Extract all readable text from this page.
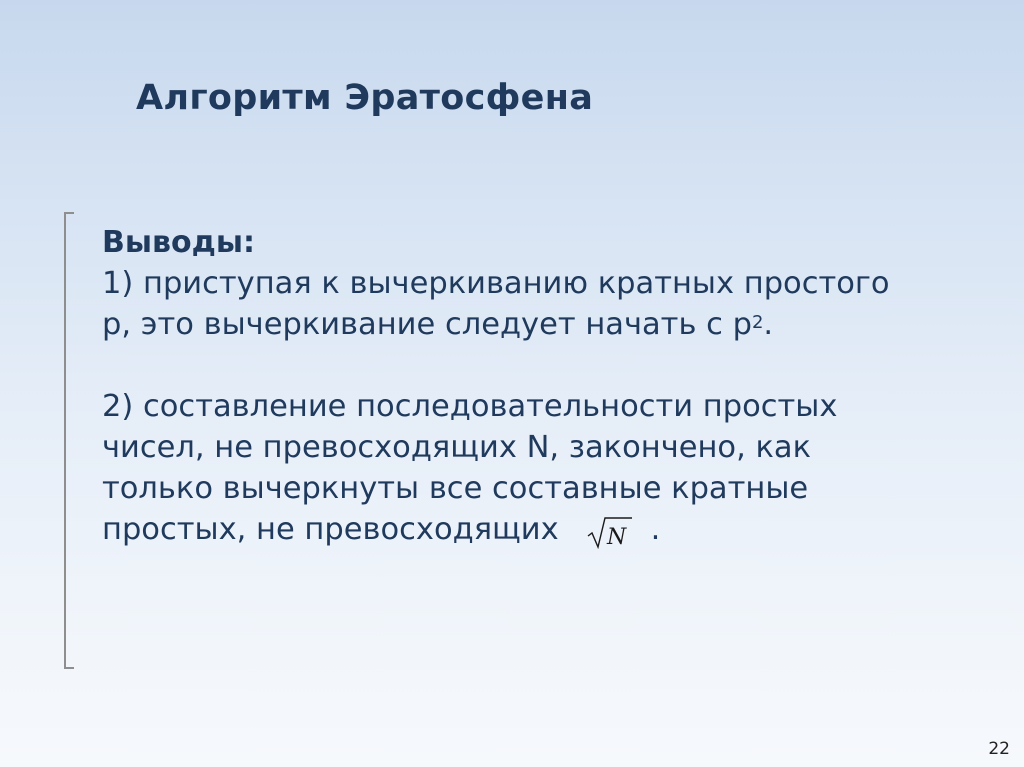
Алгоритм Эратосфена
Выводы:
1) приступая к вычеркиванию кратных простого
p, это вычеркивание следует начать с $p^2$.
2) составление последовательности простых
чисел, не превосходящих N, закончено, как
только вычеркнуты все составные кратные
простых, не превосходящих N .
22
